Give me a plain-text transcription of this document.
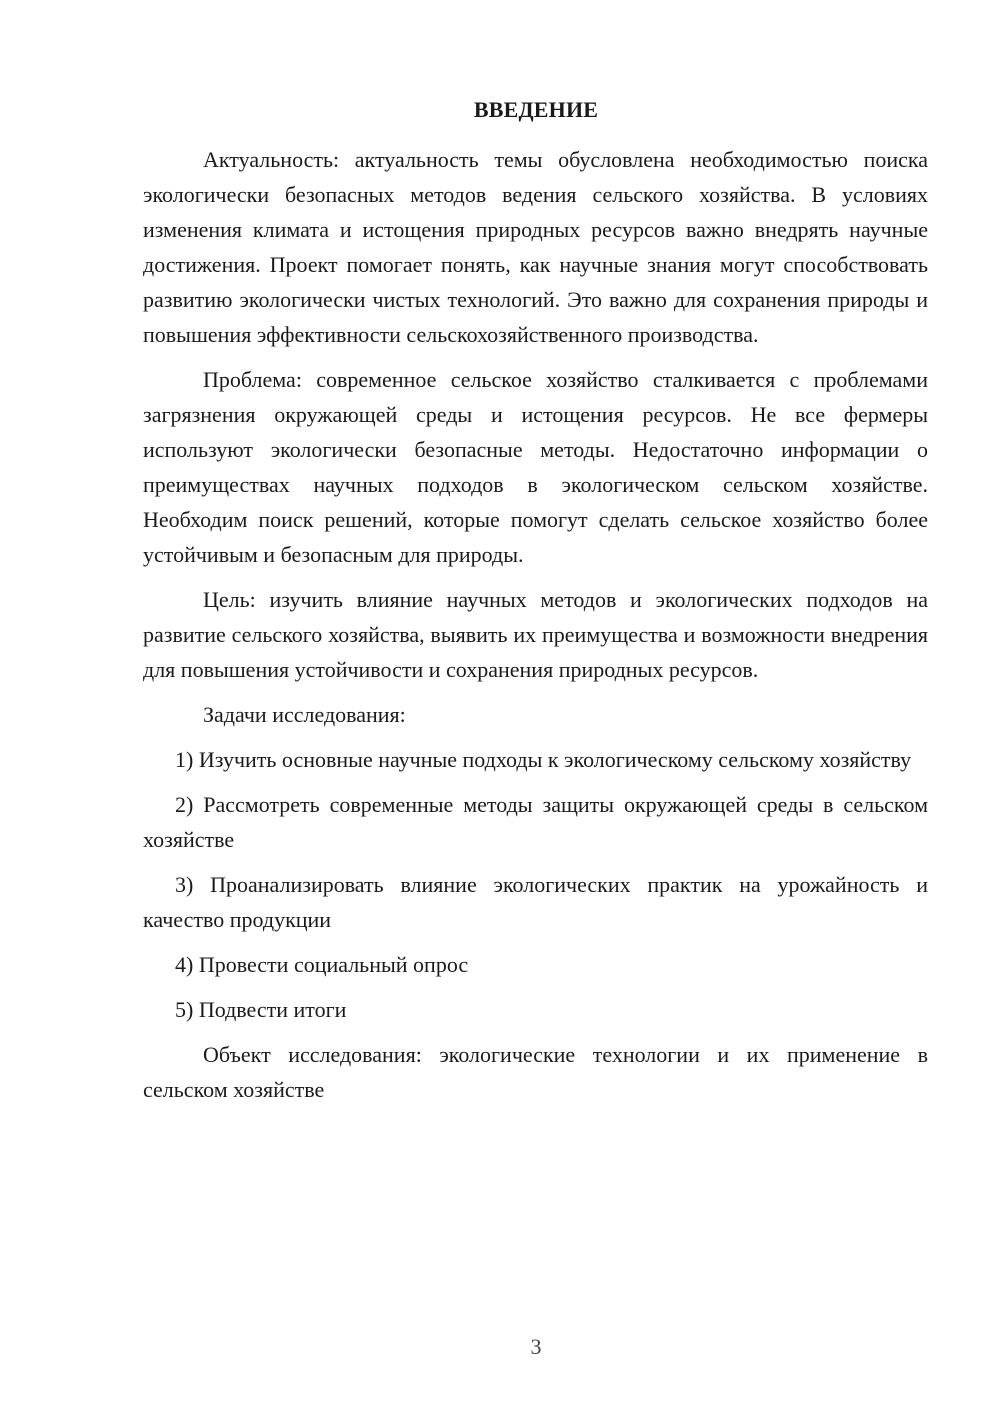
ВВЕДЕНИЕ

Актуальность: актуальность темы обусловлена необходимостью поиска экологически безопасных методов ведения сельского хозяйства. В условиях изменения климата и истощения природных ресурсов важно внедрять научные достижения. Проект помогает понять, как научные знания могут способствовать развитию экологически чистых технологий. Это важно для сохранения природы и повышения эффективности сельскохозяйственного производства.

Проблема: современное сельское хозяйство сталкивается с проблемами загрязнения окружающей среды и истощения ресурсов. Не все фермеры используют экологически безопасные методы. Недостаточно информации о преимуществах научных подходов в экологическом сельском хозяйстве. Необходим поиск решений, которые помогут сделать сельское хозяйство более устойчивым и безопасным для природы.

Цель: изучить влияние научных методов и экологических подходов на развитие сельского хозяйства, выявить их преимущества и возможности внедрения для повышения устойчивости и сохранения природных ресурсов.

Задачи исследования:

1) Изучить основные научные подходы к экологическому сельскому хозяйству

2) Рассмотреть современные методы защиты окружающей среды в сельском хозяйстве

3) Проанализировать влияние экологических практик на урожайность и качество продукции

4) Провести социальный опрос

5) Подвести итоги

Объект исследования: экологические технологии и их применение в сельском хозяйстве

3
